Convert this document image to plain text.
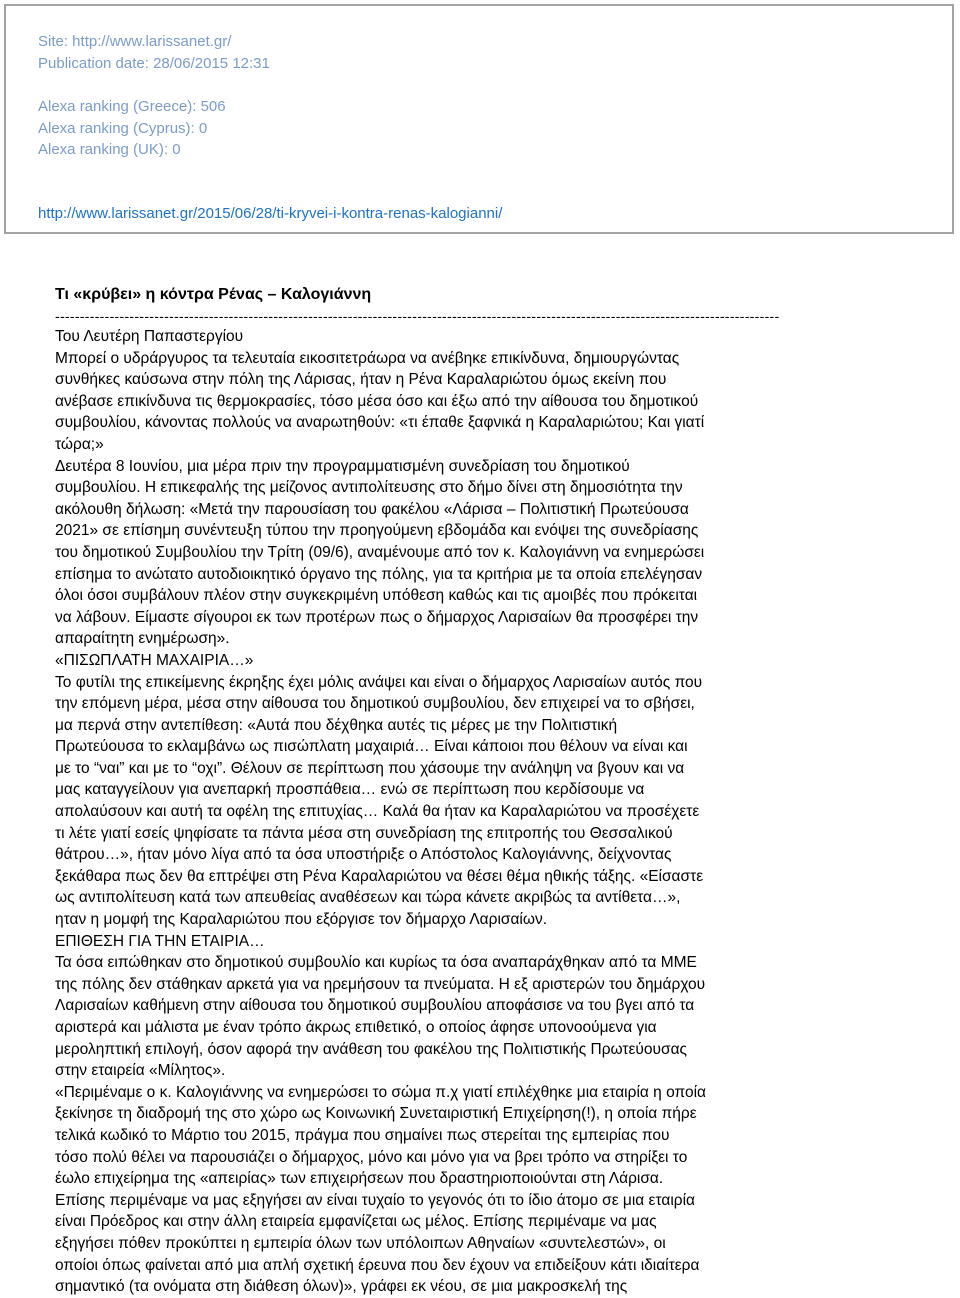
Site: http://www.larissanet.gr/
Publication date: 28/06/2015 12:31
Alexa ranking (Greece): 506
Alexa ranking (Cyprus): 0
Alexa ranking (UK): 0
http://www.larissanet.gr/2015/06/28/ti-kryvei-i-kontra-renas-kalogianni/
Τι «κρύβει» η κόντρα Ρένας – Καλογιάννη
--------------------------------------------------------------------------------------------------------------------------------------------------

Του Λευτέρη Παπαστεργίου
Μπορεί ο υδράργυρος τα τελευταία εικοσιτετράωρα να ανέβηκε επικίνδυνα, δημιουργώντας
συνθήκες καύσωνα στην πόλη της Λάρισας, ήταν η Ρένα Καραλαριώτου όμως εκείνη που
ανέβασε επικίνδυνα τις θερμοκρασίες, τόσο μέσα όσο και έξω από την αίθουσα του δημοτικού
συμβουλίου, κάνοντας πολλούς να αναρωτηθούν: «τι έπαθε ξαφνικά η Καραλαριώτου; Και γιατί
τώρα;»
Δευτέρα 8 Ιουνίου, μια μέρα πριν την προγραμματισμένη συνεδρίαση του δημοτικού
συμβουλίου. Η επικεφαλής της μείζονος αντιπολίτευσης στο δήμο δίνει στη δημοσιότητα την
ακόλουθη δήλωση: «Μετά την παρουσίαση του φακέλου «Λάρισα – Πολιτιστική Πρωτεύουσα
2021» σε επίσημη συνέντευξη τύπου την προηγούμενη εβδομάδα και ενόψει της συνεδρίασης
του δημοτικού Συμβουλίου την Τρίτη (09/6), αναμένουμε από τον κ. Καλογιάννη να ενημερώσει
επίσημα το ανώτατο αυτοδιοικητικό όργανο της πόλης, για τα κριτήρια με τα οποία επελέγησαν
όλοι όσοι συμβάλουν πλέον στην συγκεκριμένη υπόθεση καθώς και τις αμοιβές που πρόκειται
να λάβουν. Είμαστε σίγουροι εκ των προτέρων πως ο δήμαρχος Λαρισαίων θα προσφέρει την
απαραίτητη ενημέρωση».
«ΠΙΣΩΠΛΑΤΗ ΜΑΧΑΙΡΙΑ…»
Το φυτίλι της επικείμενης έκρηξης έχει μόλις ανάψει και είναι ο δήμαρχος Λαρισαίων αυτός που
την επόμενη μέρα, μέσα στην αίθουσα του δημοτικού συμβουλίου, δεν επιχειρεί να το σβήσει,
μα περνά στην αντεπίθεση: «Αυτά που δέχθηκα αυτές τις μέρες με την Πολιτιστική
Πρωτεύουσα το εκλαμβάνω ως πισώπλατη μαχαιριά… Είναι κάποιοι που θέλουν να είναι και
με το “ναι” και με το “οχι”. Θέλουν σε περίπτωση που χάσουμε την ανάληψη να βγουν και να
μας καταγγείλουν για ανεπαρκή προσπάθεια… ενώ σε περίπτωση που κερδίσουμε να
απολαύσουν και αυτή τα οφέλη της επιτυχίας… Καλά θα ήταν κα Καραλαριώτου να προσέχετε
τι λέτε γιατί εσείς ψηφίσατε τα πάντα μέσα στη συνεδρίαση της επιτροπής του Θεσσαλικού
θάτρου…», ήταν μόνο λίγα από τα όσα υποστήριξε ο Απόστολος Καλογιάννης, δείχνοντας
ξεκάθαρα πως δεν θα επτρέψει στη Ρένα Καραλαριώτου να θέσει θέμα ηθικής τάξης. «Είσαστε
ως αντιπολίτευση κατά των απευθείας αναθέσεων και τώρα κάνετε ακριβώς τα αντίθετα…»,
ηταν η μομφή της Καραλαριώτου που εξόργισε τον δήμαρχο Λαρισαίων.
ΕΠΙΘΕΣΗ ΓΙΑ ΤΗΝ ΕΤΑΙΡΙΑ…
Τα όσα ειπώθηκαν στο δημοτικού συμβουλίο και κυρίως τα όσα αναπαράχθηκαν από τα ΜΜΕ
της πόλης δεν στάθηκαν αρκετά για να ηρεμήσουν τα πνεύματα. Η εξ αριστερών του δημάρχου
Λαρισαίων καθήμενη στην αίθουσα του δημοτικού συμβουλίου αποφάσισε να του βγει από τα
αριστερά και μάλιστα με έναν τρόπο άκρως επιθετικό, ο οποίος άφησε υπονοούμενα για
μεροληπτική επιλογή, όσον αφορά την ανάθεση του φακέλου της Πολιτιστικής Πρωτεύουσας
στην εταιρεία «Μίλητος».
«Περιμέναμε ο κ. Καλογιάννης να ενημερώσει το σώμα π.χ γιατί επιλέχθηκε μια εταιρία η οποία
ξεκίνησε τη διαδρομή της στο χώρο ως Κοινωνική Συνεταιριστική Επιχείρηση(!), η οποία πήρε
τελικά κωδικό το Μάρτιο του 2015, πράγμα που σημαίνει πως στερείται της εμπειρίας που
τόσο πολύ θέλει να παρουσιάζει ο δήμαρχος, μόνο και μόνο για να βρει τρόπο να στηρίξει το
έωλο επιχείρημα της «απειρίας» των επιχειρήσεων που δραστηριοποιούνται στη Λάρισα.
Επίσης περιμέναμε να μας εξηγήσει αν είναι τυχαίο το γεγονός ότι το ίδιο άτομο σε μια εταιρία
είναι Πρόεδρος και στην άλλη εταιρεία εμφανίζεται ως μέλος. Επίσης περιμέναμε να μας
εξηγήσει πόθεν προκύπτει η εμπειρία όλων των υπόλοιπων Αθηναίων «συντελεστών», οι
οποίοι όπως φαίνεται από μια απλή σχετική έρευνα που δεν έχουν να επιδείξουν κάτι ιδιαίτερα
σημαντικό (τα ονόματα στη διάθεση όλων)», γράφει εκ νέου, σε μια μακροσκελή της
